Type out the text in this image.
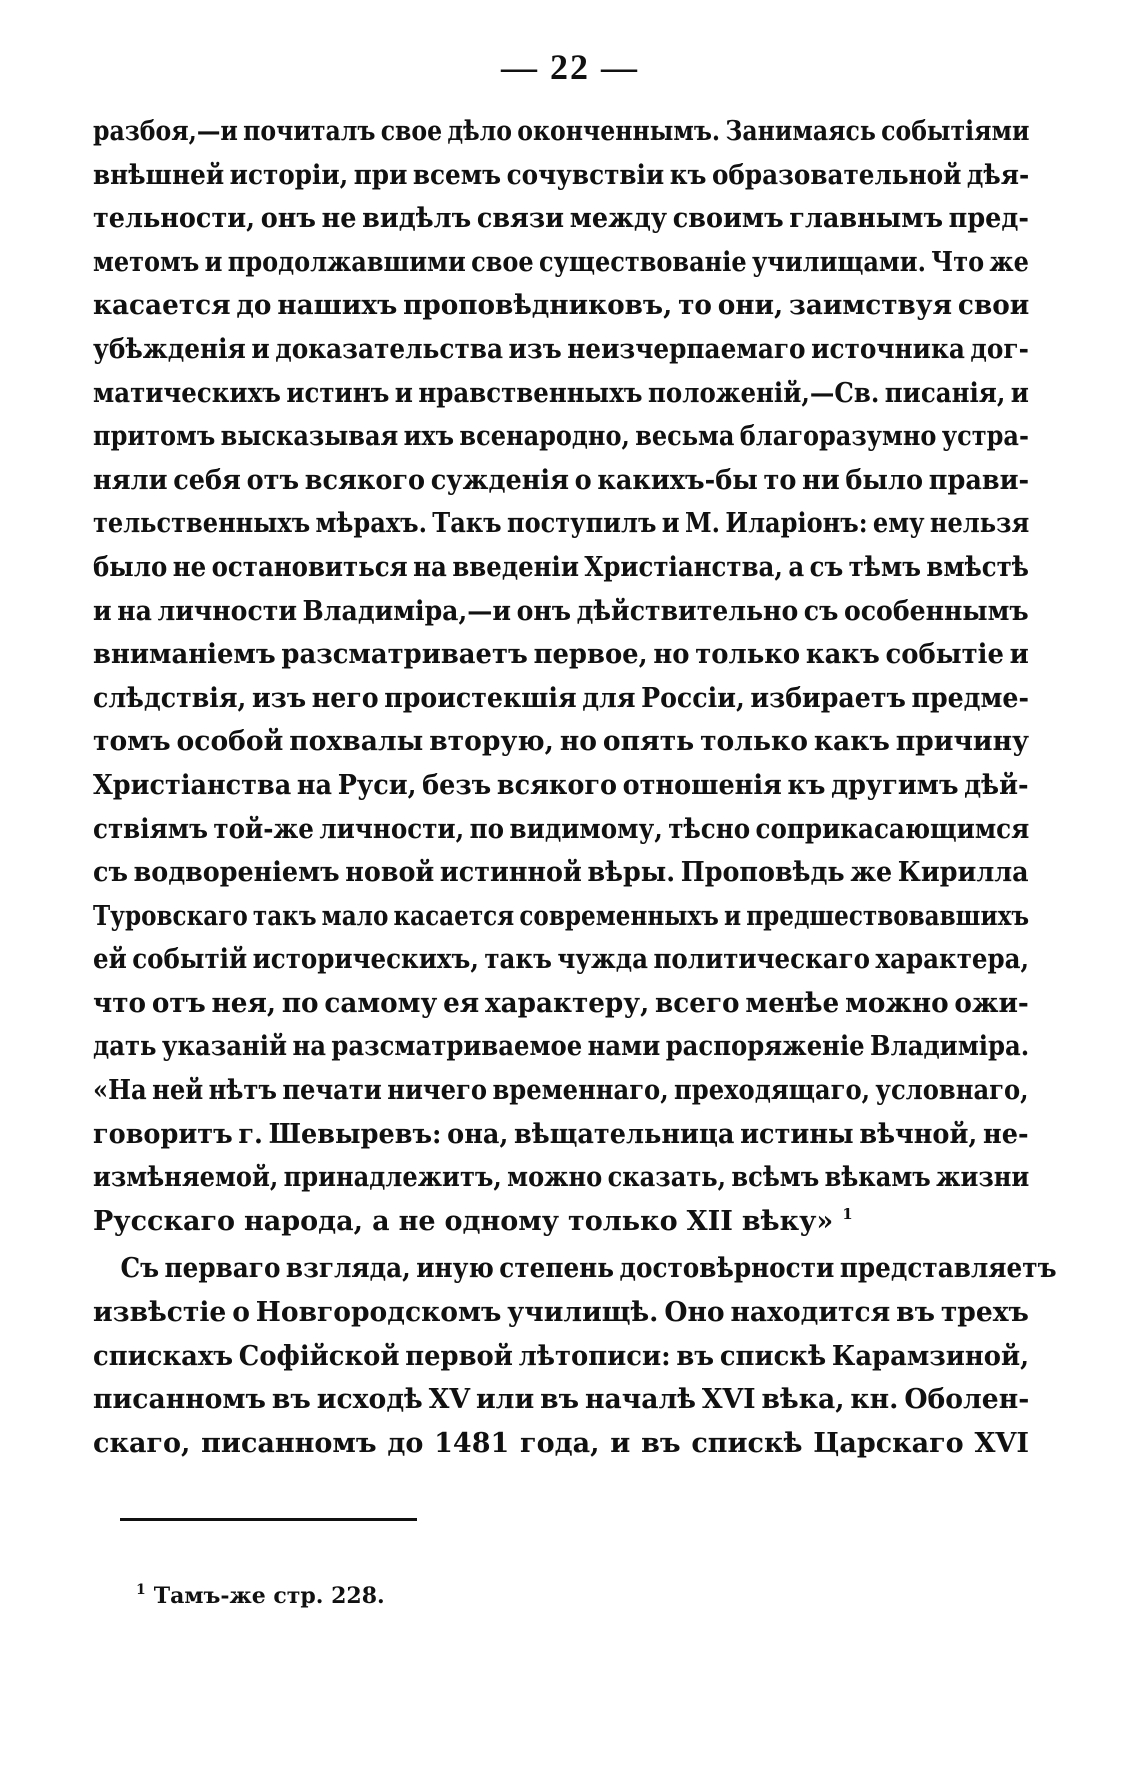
— 22 —
разбоя,—и почиталъ свое дѣло оконченнымъ. Занимаясь событіями
внѣшней исторіи, при всемъ сочувствіи къ образовательной дѣя-
тельности, онъ не видѣлъ связи между своимъ главнымъ пред-
метомъ и продолжавшими свое существованіе училищами. Что же
касается до нашихъ проповѣдниковъ, то они, заимствуя свои
убѣжденія и доказательства изъ неизчерпаемаго источника дог-
матическихъ истинъ и нравственныхъ положеній,—Св. писанія, и
притомъ высказывая ихъ всенародно, весьма благоразумно устра-
няли себя отъ всякого сужденія о какихъ-бы то ни было прави-
тельственныхъ мѣрахъ. Такъ поступилъ и М. Иларіонъ: ему нельзя
было не остановиться на введеніи Христіанства, а съ тѣмъ вмѣстѣ
и на личности Владиміра,—и онъ дѣйствительно съ особеннымъ
вниманіемъ разсматриваетъ первое, но только какъ событіе и
слѣдствія, изъ него проистекшія для Россіи, избираетъ предме-
томъ особой похвалы вторую, но опять только какъ причину
Христіанства на Руси, безъ всякого отношенія къ другимъ дѣй-
ствіямъ той-же личности, по видимому, тѣсно соприкасающимся
съ водвореніемъ новой истинной вѣры. Проповѣдь же Кирилла
Туровскаго такъ мало касается современныхъ и предшествовавшихъ
ей событій историческихъ, такъ чужда политическаго характера,
что отъ нея, по самому ея характеру, всего менѣе можно ожи-
дать указаній на разсматриваемое нами распоряженіе Владиміра.
«На ней нѣтъ печати ничего временнаго, преходящаго, условнаго,
говоритъ г. Шевыревъ: она, вѣщательница истины вѣчной, не-
измѣняемой, принадлежитъ, можно сказать, всѣмъ вѣкамъ жизни
Русскаго народа, а не одному только XII вѣку» 1
Съ перваго взгляда, иную степень достовѣрности представляетъ
извѣстіе о Новгородскомъ училищѣ. Оно находится въ трехъ
спискахъ Софійской первой лѣтописи: въ спискѣ Карамзиной,
писанномъ въ исходѣ XV или въ началѣ XVI вѣка, кн. Оболен-
скаго, писанномъ до 1481 года, и въ спискѣ Царскаго XVI
$^1$ Тамъ-же стр. 228.
